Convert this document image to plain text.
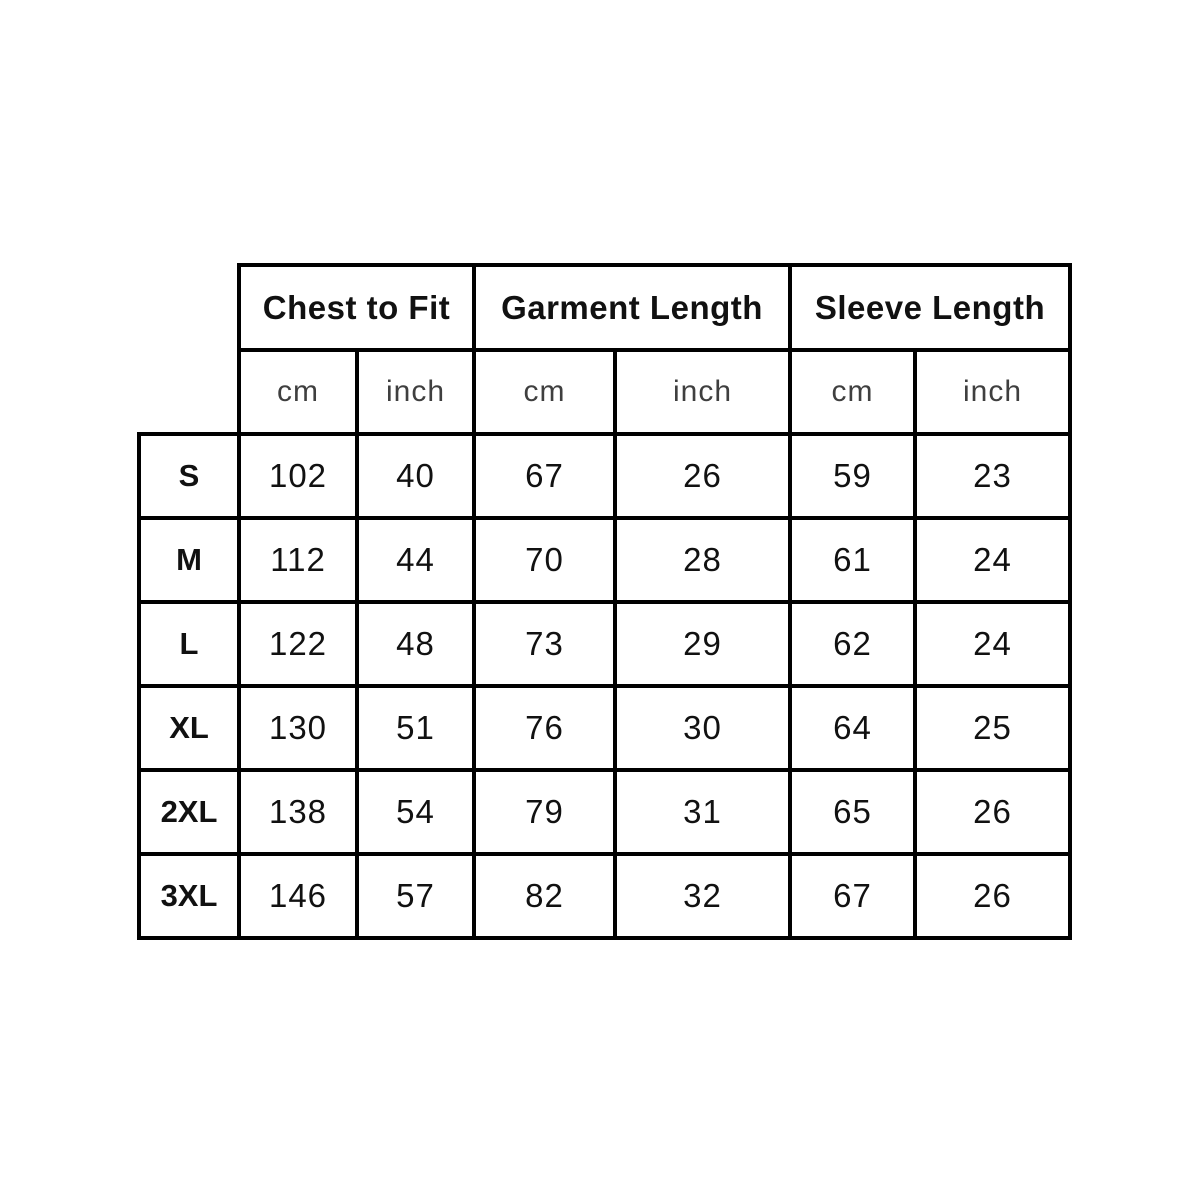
	Chest to Fit		Garment Length		Sleeve Length	
	cm	inch	cm	inch	cm	inch
S	102	40	67	26	59	23
M	112	44	70	28	61	24
L	122	48	73	29	62	24
XL	130	51	76	30	64	25
2XL	138	54	79	31	65	26
3XL	146	57	82	32	67	26
